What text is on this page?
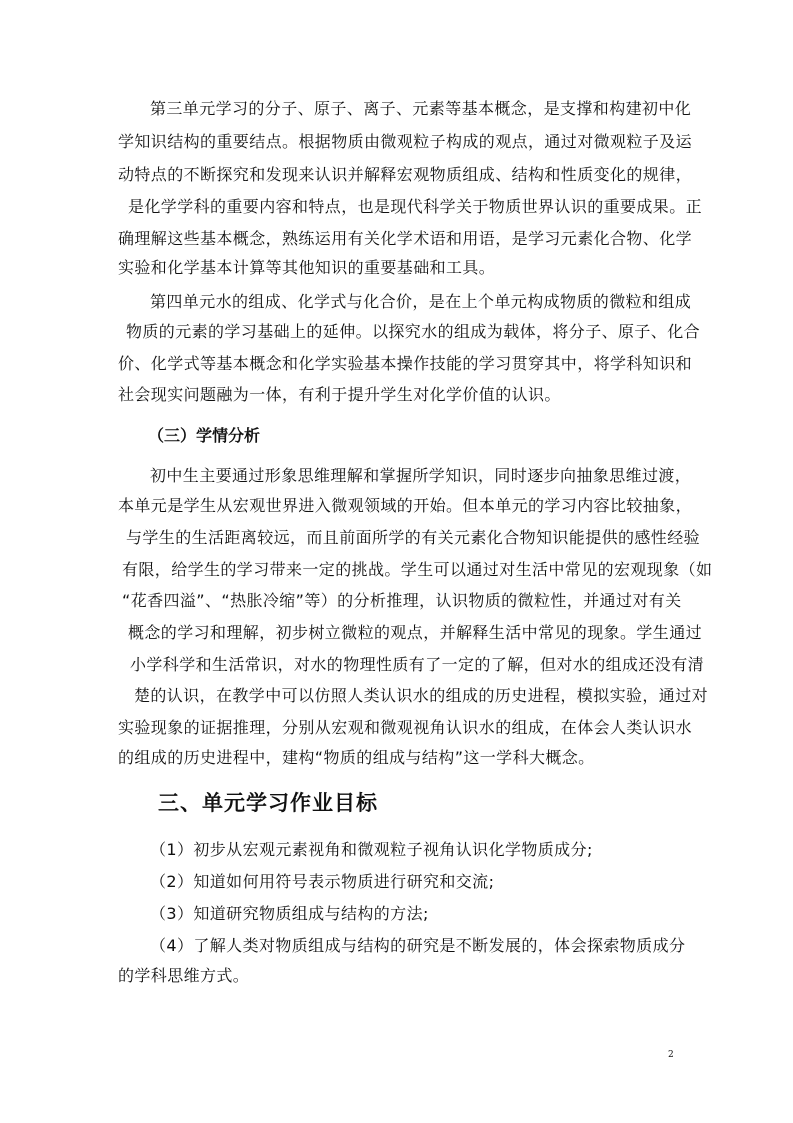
第三单元学习的分子、原子、离子、元素等基本概念，是支撑和构建初中化
学知识结构的重要结点。根据物质由微观粒子构成的观点，通过对微观粒子及运
动特点的不断探究和发现来认识并解释宏观物质组成、结构和性质变化的规律，
是化学学科的重要内容和特点，也是现代科学关于物质世界认识的重要成果。正
确理解这些基本概念，熟练运用有关化学术语和用语，是学习元素化合物、化学
实验和化学基本计算等其他知识的重要基础和工具。
第四单元水的组成、化学式与化合价，是在上个单元构成物质的微粒和组成
物质的元素的学习基础上的延伸。以探究水的组成为载体，将分子、原子、化合
价、化学式等基本概念和化学实验基本操作技能的学习贯穿其中，将学科知识和
社会现实问题融为一体，有利于提升学生对化学价值的认识。
（三）学情分析
初中生主要通过形象思维理解和掌握所学知识，同时逐步向抽象思维过渡，
本单元是学生从宏观世界进入微观领域的开始。但本单元的学习内容比较抽象，
与学生的生活距离较远，而且前面所学的有关元素化合物知识能提供的感性经验
有限，给学生的学习带来一定的挑战。学生可以通过对生活中常见的宏观现象（如
“花香四溢”、“热胀冷缩”等）的分析推理，认识物质的微粒性，并通过对有关
概念的学习和理解，初步树立微粒的观点，并解释生活中常见的现象。学生通过
小学科学和生活常识，对水的物理性质有了一定的了解，但对水的组成还没有清
楚的认识，在教学中可以仿照人类认识水的组成的历史进程，模拟实验，通过对
实验现象的证据推理，分别从宏观和微观视角认识水的组成，在体会人类认识水
的组成的历史进程中，建构“物质的组成与结构”这一学科大概念。
三、单元学习作业目标
（1）初步从宏观元素视角和微观粒子视角认识化学物质成分;
（2）知道如何用符号表示物质进行研究和交流;
（3）知道研究物质组成与结构的方法;
（4）了解人类对物质组成与结构的研究是不断发展的，体会探索物质成分
的学科思维方式。
2
